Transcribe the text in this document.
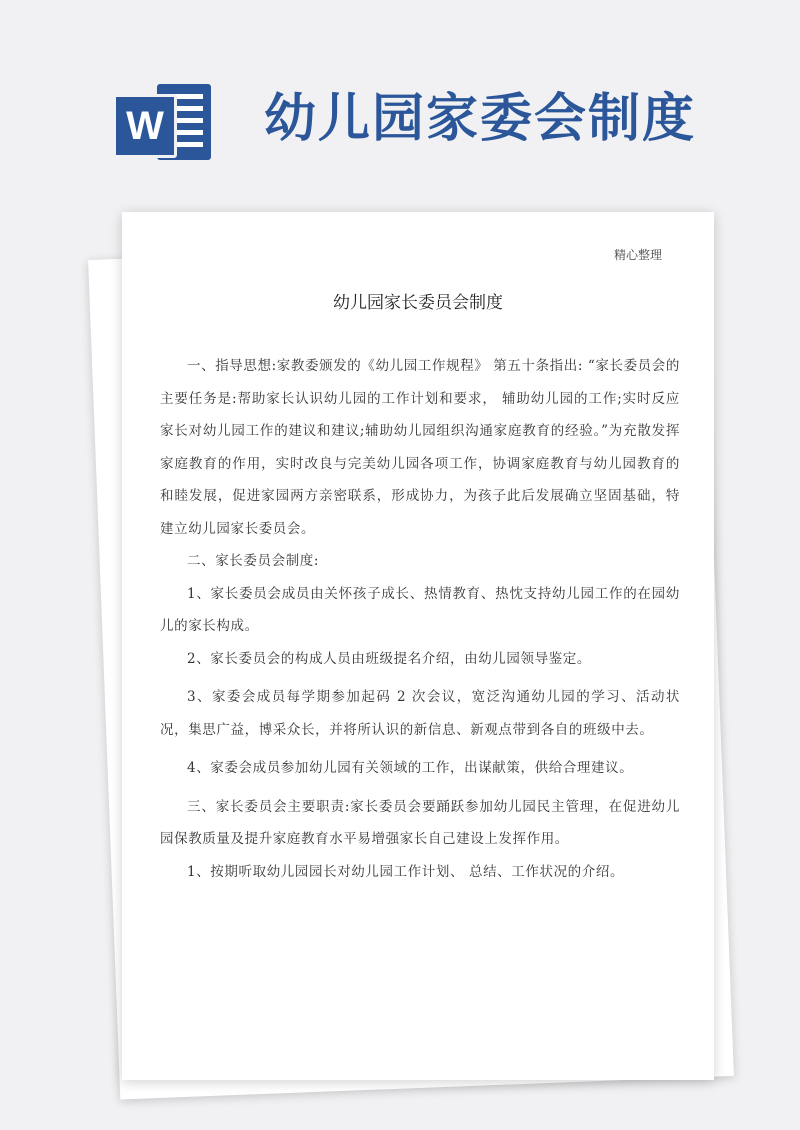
W 幼儿园家委会制度
精心整理
幼儿园家长委员会制度

一、指导思想:家教委颁发的《幼儿园工作规程》 第五十条指出: “家长委员会的主要任务是:帮助家长认识幼儿园的工作计划和要求， 辅助幼儿园的工作;实时反应家长对幼儿园工作的建议和建议;辅助幼儿园组织沟通家庭教育的经验。”为充散发挥家庭教育的作用，实时改良与完美幼儿园各项工作，协调家庭教育与幼儿园教育的和睦发展，促进家园两方亲密联系，形成协力，为孩子此后发展确立坚固基础，特建立幼儿园家长委员会。

二、家长委员会制度:

1、家长委员会成员由关怀孩子成长、热情教育、热忱支持幼儿园工作的在园幼儿的家长构成。

2、家长委员会的构成人员由班级提名介绍，由幼儿园领导鉴定。

3、家委会成员每学期参加起码 2 次会议，宽泛沟通幼儿园的学习、活动状况，集思广益，博采众长，并将所认识的新信息、新观点带到各自的班级中去。

4、家委会成员参加幼儿园有关领域的工作，出谋献策，供给合理建议。

三、家长委员会主要职责:家长委员会要踊跃参加幼儿园民主管理，在促进幼儿园保教质量及提升家庭教育水平易增强家长自己建设上发挥作用。

1、按期听取幼儿园园长对幼儿园工作计划、 总结、工作状况的介绍。
